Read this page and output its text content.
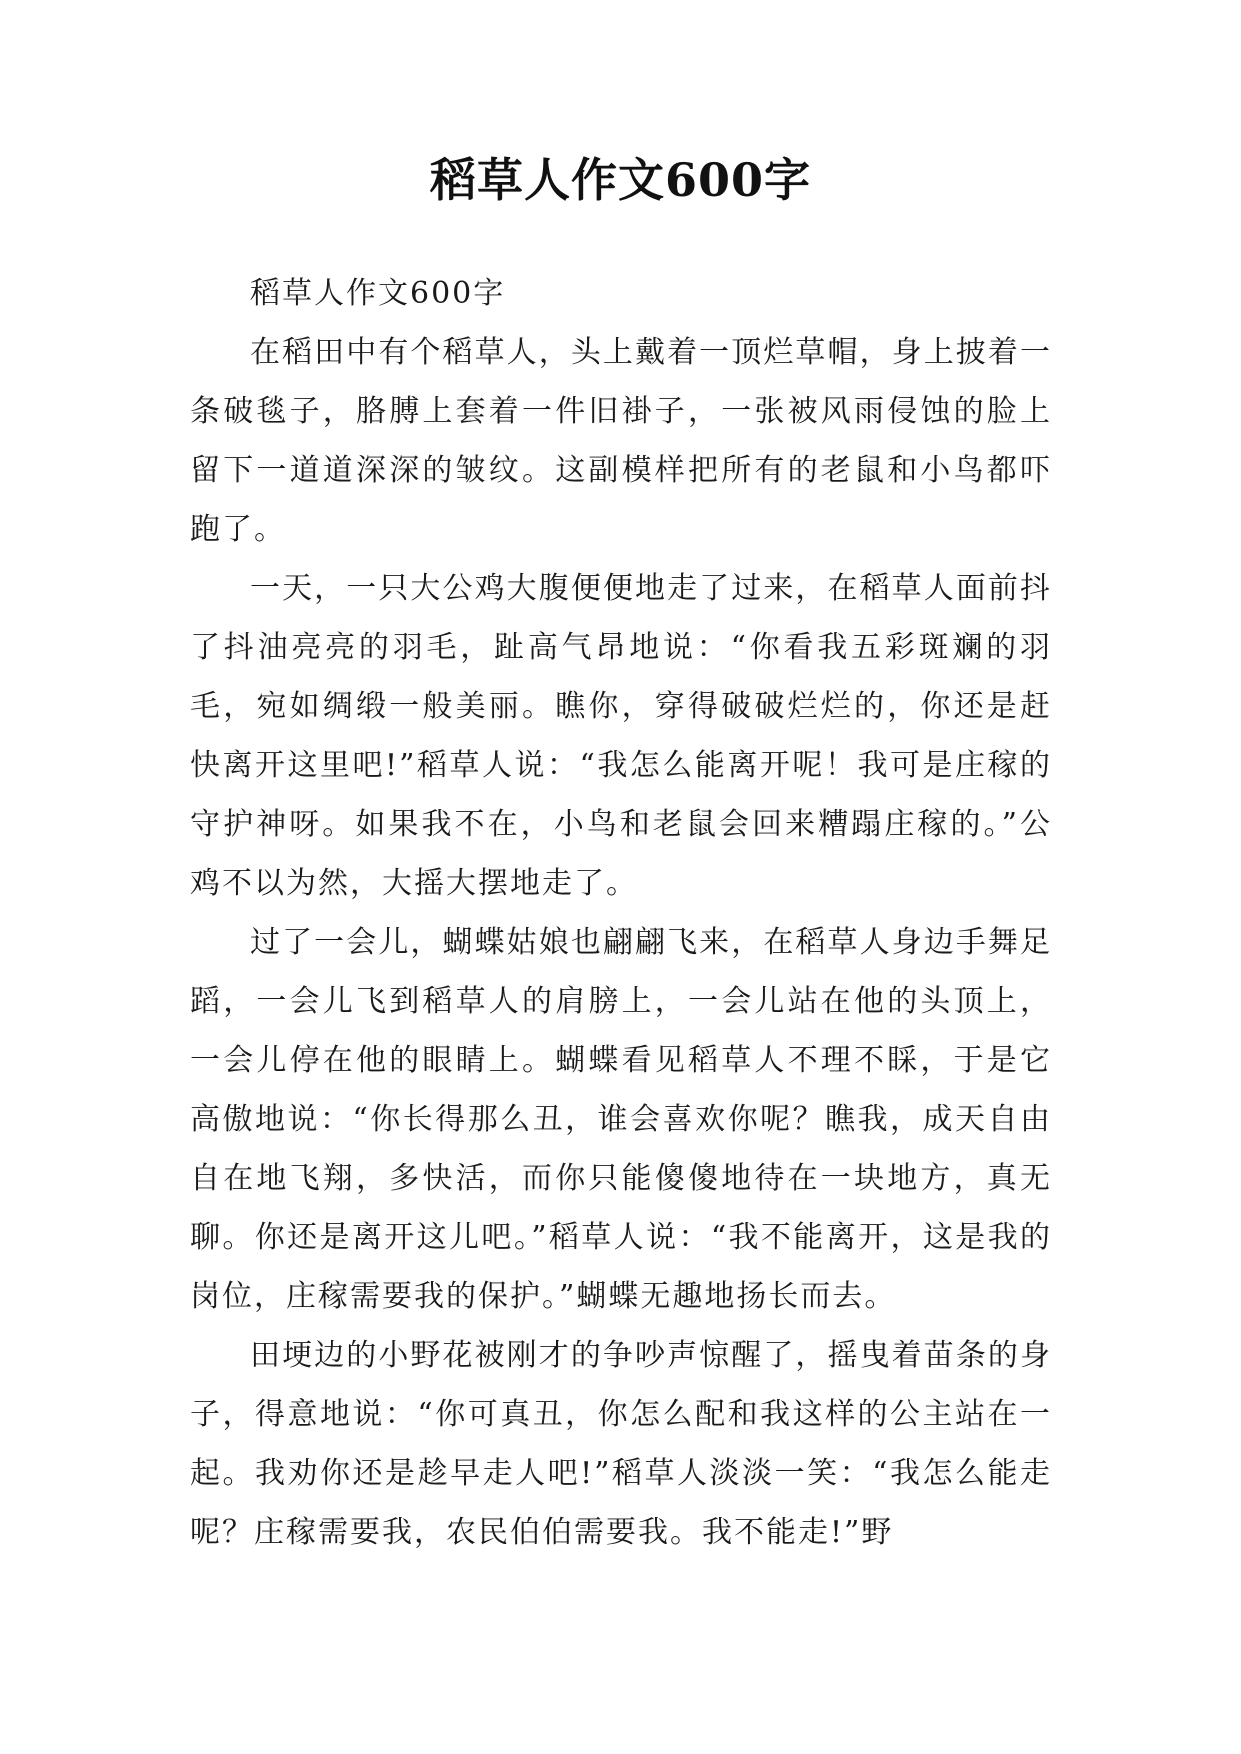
稻草人作文600字

稻草人作文600字

在稻田中有个稻草人，头上戴着一顶烂草帽，身上披着一条破毯子，胳膊上套着一件旧褂子，一张被风雨侵蚀的脸上留下一道道深深的皱纹。这副模样把所有的老鼠和小鸟都吓跑了。

一天，一只大公鸡大腹便便地走了过来，在稻草人面前抖了抖油亮亮的羽毛，趾高气昂地说：“你看我五彩斑斓的羽毛，宛如绸缎一般美丽。瞧你，穿得破破烂烂的，你还是赶快离开这里吧!”稻草人说：“我怎么能离开呢！我可是庄稼的守护神呀。如果我不在，小鸟和老鼠会回来糟蹋庄稼的。”公鸡不以为然，大摇大摆地走了。

过了一会儿，蝴蝶姑娘也翩翩飞来，在稻草人身边手舞足蹈，一会儿飞到稻草人的肩膀上，一会儿站在他的头顶上，一会儿停在他的眼睛上。蝴蝶看见稻草人不理不睬，于是它高傲地说：“你长得那么丑，谁会喜欢你呢？瞧我，成天自由自在地飞翔，多快活，而你只能傻傻地待在一块地方，真无聊。你还是离开这儿吧。”稻草人说：“我不能离开，这是我的岗位，庄稼需要我的保护。”蝴蝶无趣地扬长而去。

田埂边的小野花被刚才的争吵声惊醒了，摇曳着苗条的身子，得意地说：“你可真丑，你怎么配和我这样的公主站在一起。我劝你还是趁早走人吧!”稻草人淡淡一笑：“我怎么能走呢？庄稼需要我，农民伯伯需要我。我不能走!”野
